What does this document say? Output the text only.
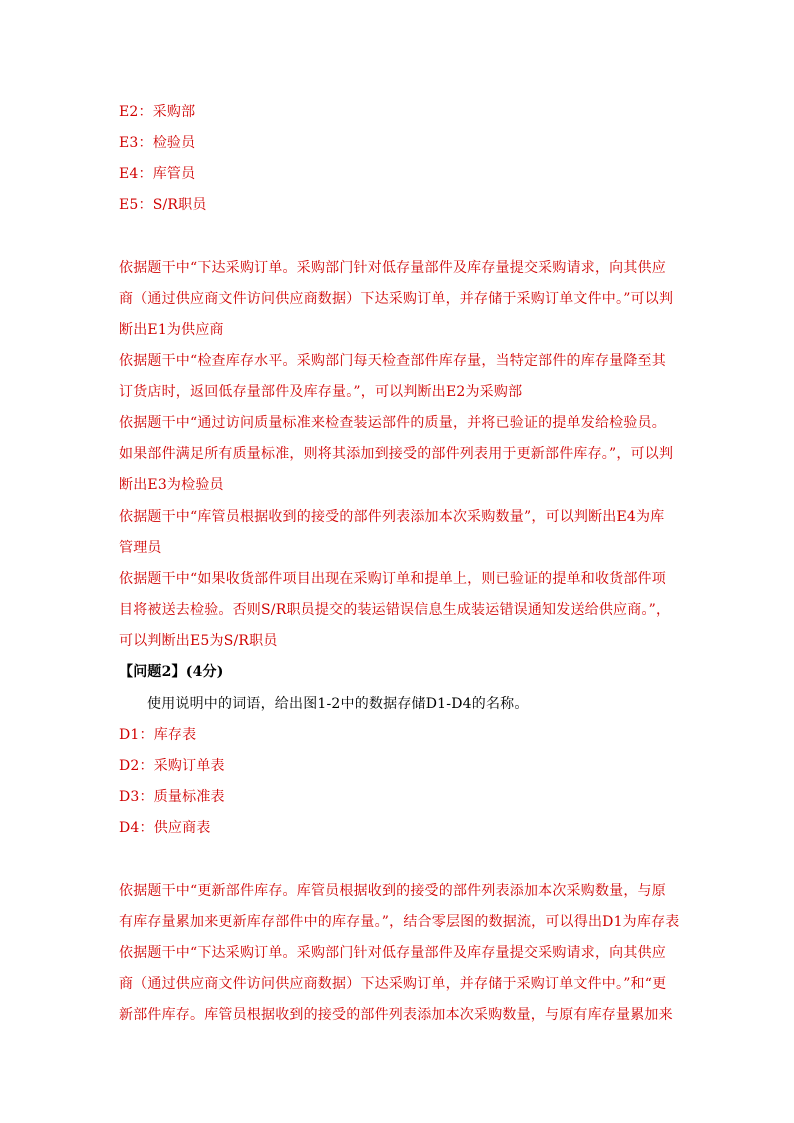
E2：采购部
E3：检验员
E4：库管员
E5：S/R职员
依据题干中“下达采购订单。采购部门针对低存量部件及库存量提交采购请求，向其供应
商（通过供应商文件访问供应商数据）下达采购订单，并存储于采购订单文件中。”可以判
断出E1为供应商
依据题干中“检查库存水平。采购部门每天检查部件库存量，当特定部件的库存量降至其
订货店时，返回低存量部件及库存量。”，可以判断出E2为采购部
依据题干中“通过访问质量标准来检查装运部件的质量，并将已验证的提单发给检验员。
如果部件满足所有质量标准，则将其添加到接受的部件列表用于更新部件库存。”，可以判
断出E3为检验员
依据题干中“库管员根据收到的接受的部件列表添加本次采购数量”，可以判断出E4为库
管理员
依据题干中“如果收货部件项目出现在采购订单和提单上，则已验证的提单和收货部件项
目将被送去检验。否则S/R职员提交的装运错误信息生成装运错误通知发送给供应商。”，
可以判断出E5为S/R职员
【问题2】(4分)
使用说明中的词语，给出图1-2中的数据存储D1-D4的名称。
D1：库存表
D2：采购订单表
D3：质量标准表
D4：供应商表
依据题干中“更新部件库存。库管员根据收到的接受的部件列表添加本次采购数量，与原
有库存量累加来更新库存部件中的库存量。”，结合零层图的数据流，可以得出D1为库存表
依据题干中“下达采购订单。采购部门针对低存量部件及库存量提交采购请求，向其供应
商（通过供应商文件访问供应商数据）下达采购订单，并存储于采购订单文件中。”和“更
新部件库存。库管员根据收到的接受的部件列表添加本次采购数量，与原有库存量累加来
